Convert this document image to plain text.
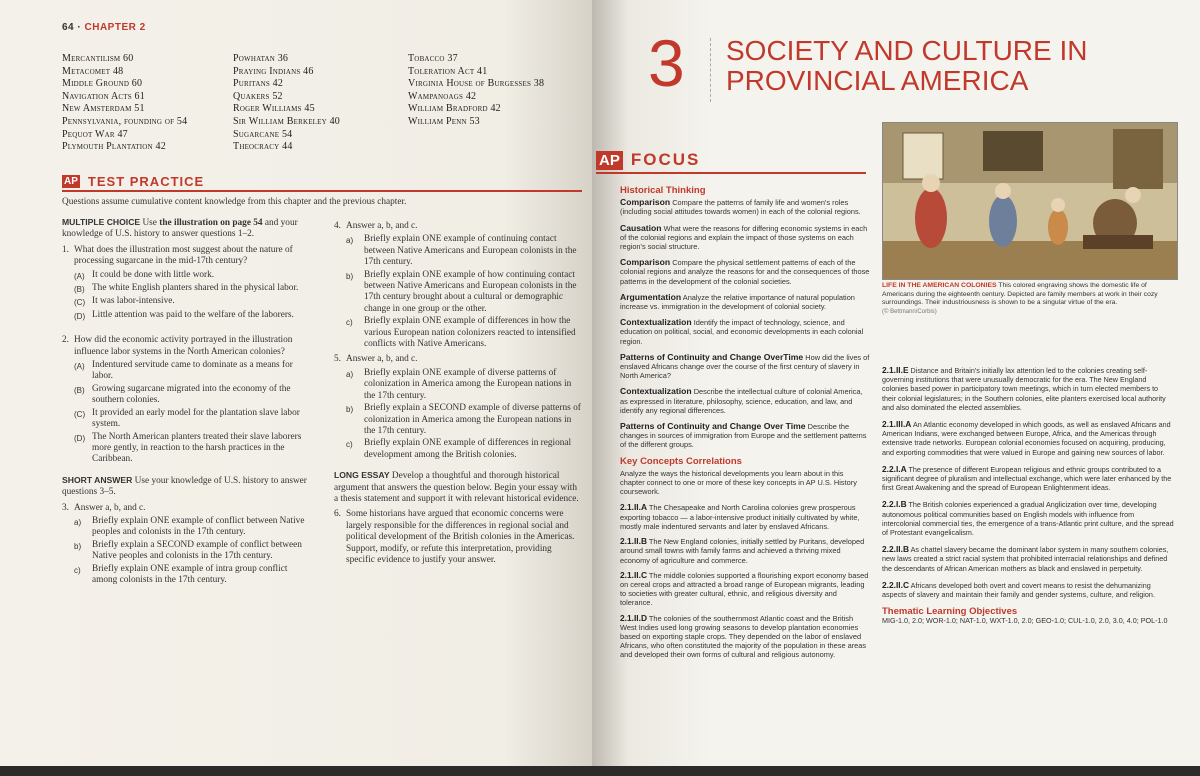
64 · CHAPTER 2
Mercantilism 60
Metacomet 48
Middle Ground 60
Navigation Acts 61
New Amsterdam 51
Pennsylvania, founding of 54
Pequot War 47
Plymouth Plantation 42
Powhatan 36
Praying Indians 46
Puritans 42
Quakers 52
Roger Williams 45
Sir William Berkeley 40
Sugarcane 54
Theocracy 44
Tobacco 37
Toleration Act 41
Virginia House of Burgesses 38
Wampanoags 42
William Bradford 42
William Penn 53
AP TEST PRACTICE
Questions assume cumulative content knowledge from this chapter and the previous chapter.
MULTIPLE CHOICE Use the illustration on page 54 and your knowledge of U.S. history to answer questions 1–2.
1. What does the illustration most suggest about the nature of processing sugarcane in the mid-17th century?
(A) It could be done with little work.
(B) The white English planters shared in the physical labor.
(C) It was labor-intensive.
(D) Little attention was paid to the welfare of the laborers.
2. How did the economic activity portrayed in the illustration influence labor systems in the North American colonies?
(A) Indentured servitude came to dominate as a means for labor.
(B) Growing sugarcane migrated into the economy of the southern colonies.
(C) It provided an early model for the plantation slave labor system.
(D) The North American planters treated their slave laborers more gently, in reaction to the harsh practices in the Caribbean.
SHORT ANSWER Use your knowledge of U.S. history to answer questions 3–5.
3. Answer a, b, and c.
a)	Briefly explain ONE example of conflict between Native peoples and colonists in the 17th century.
b)	Briefly explain a SECOND example of conflict between Native peoples and colonists in the 17th century.
c)	Briefly explain ONE example of intra group conflict among colonists in the 17th century.
4. Answer a, b, and c.
a)	Briefly explain ONE example of continuing contact between Native Americans and European colonists in the 17th century.
b)	Briefly explain ONE example of how continuing contact between Native Americans and European colonists in the 17th century brought about a cultural or demographic change in one group or the other.
c)	Briefly explain ONE example of differences in how the various European nation colonizers reacted to intensified conflicts with Native Americans.
5. Answer a, b, and c.
a)	Briefly explain ONE example of diverse patterns of colonization in America among the European nations in the 17th century.
b)	Briefly explain a SECOND example of diverse patterns of colonization in America among the European nations in the 17th century.
c)	Briefly explain ONE example of differences in regional development among the British colonies.
LONG ESSAY Develop a thoughtful and thorough historical argument that answers the question below. Begin your essay with a thesis statement and support it with relevant historical evidence.
6. Some historians have argued that economic concerns were largely responsible for the differences in regional social and political development of the British colonies in the Americas. Support, modify, or refute this interpretation, providing specific evidence to justify your answer.
3 SOCIETY AND CULTURE IN PROVINCIAL AMERICA
AP FOCUS
Historical Thinking
Comparison Compare the patterns of family life and women's roles (including social attitudes towards women) in each of the colonial regions.
Causation What were the reasons for differing economic systems in each of the colonial regions and explain the impact of those systems on each region's social structure.
Comparison Compare the physical settlement patterns of each of the colonial regions and analyze the reasons for and the consequences of those patterns in the development of the colonial societies.
Argumentation Analyze the relative importance of natural population increase vs. immigration in the development of colonial society.
Contextualization Identify the impact of technology, science, and education on political, social, and economic developments in each colonial region.
Patterns of Continuity and Change OverTime How did the lives of enslaved Africans change over the course of the first century of slavery in North America?
Contextualization Describe the intellectual culture of colonial America, as expressed in literature, philosophy, science, education, and law, and identify any regional differences.
Patterns of Continuity and Change Over Time Describe the changes in sources of immigration from Europe and the settlement patterns of the different groups.
Key Concepts Correlations
Analyze the ways the historical developments you learn about in this chapter connect to one or more of these key concepts in AP U.S. History coursework.
2.1.II.A The Chesapeake and North Carolina colonies grew prosperous exporting tobacco — a labor-intensive product initially cultivated by white, mostly male indentured servants and later by enslaved Africans.
2.1.II.B The New England colonies, initially settled by Puritans, developed around small towns with family farms and achieved a thriving mixed economy of agriculture and commerce.
2.1.II.C The middle colonies supported a flourishing export economy based on cereal crops and attracted a broad range of European migrants, leading to societies with greater cultural, ethnic, and religious diversity and tolerance.
2.1.II.D The colonies of the southernmost Atlantic coast and the British West Indies used long growing seasons to develop plantation economies based on exporting staple crops. They depended on the labor of enslaved Africans, who often constituted the majority of the population in these areas and developed their own forms of cultural and religious autonomy.
LIFE IN THE AMERICAN COLONIES This colored engraving shows the domestic life of Americans during the eighteenth century. Depicted are family members at work in their cozy surroundings. Their industriousness is shown to be a singular virtue of the era.
(© Bettmann/Corbis)
2.1.II.E Distance and Britain's initially lax attention led to the colonies creating self-governing institutions that were unusually democratic for the era. The New England colonies based power in participatory town meetings, which in turn elected members to their colonial legislatures; in the Southern colonies, elite planters exercised local authority and also dominated the elected assemblies.
2.1.III.A An Atlantic economy developed in which goods, as well as enslaved Africans and American Indians, were exchanged between Europe, Africa, and the Americas through extensive trade networks. European colonial economies focused on acquiring, producing, and exporting commodities that were valued in Europe and gaining new sources of labor.
2.2.I.A The presence of different European religious and ethnic groups contributed to a significant degree of pluralism and intellectual exchange, which were later enhanced by the first Great Awakening and the spread of European Enlightenment ideas.
2.2.I.B The British colonies experienced a gradual Anglicization over time, developing autonomous political communities based on English models with influence from intercolonial commercial ties, the emergence of a trans-Atlantic print culture, and the spread of Protestant evangelicalism.
2.2.II.B As chattel slavery became the dominant labor system in many southern colonies, new laws created a strict racial system that prohibited interracial relationships and defined the descendants of African American mothers as black and enslaved in perpetuity.
2.2.II.C Africans developed both overt and covert means to resist the dehumanizing aspects of slavery and maintain their family and gender systems, culture, and religion.
Thematic Learning Objectives
MIG-1.0, 2.0; WOR-1.0; NAT-1.0, WXT-1.0, 2.0; GEO-1.0; CUL-1.0, 2.0, 3.0, 4.0; POL-1.0
